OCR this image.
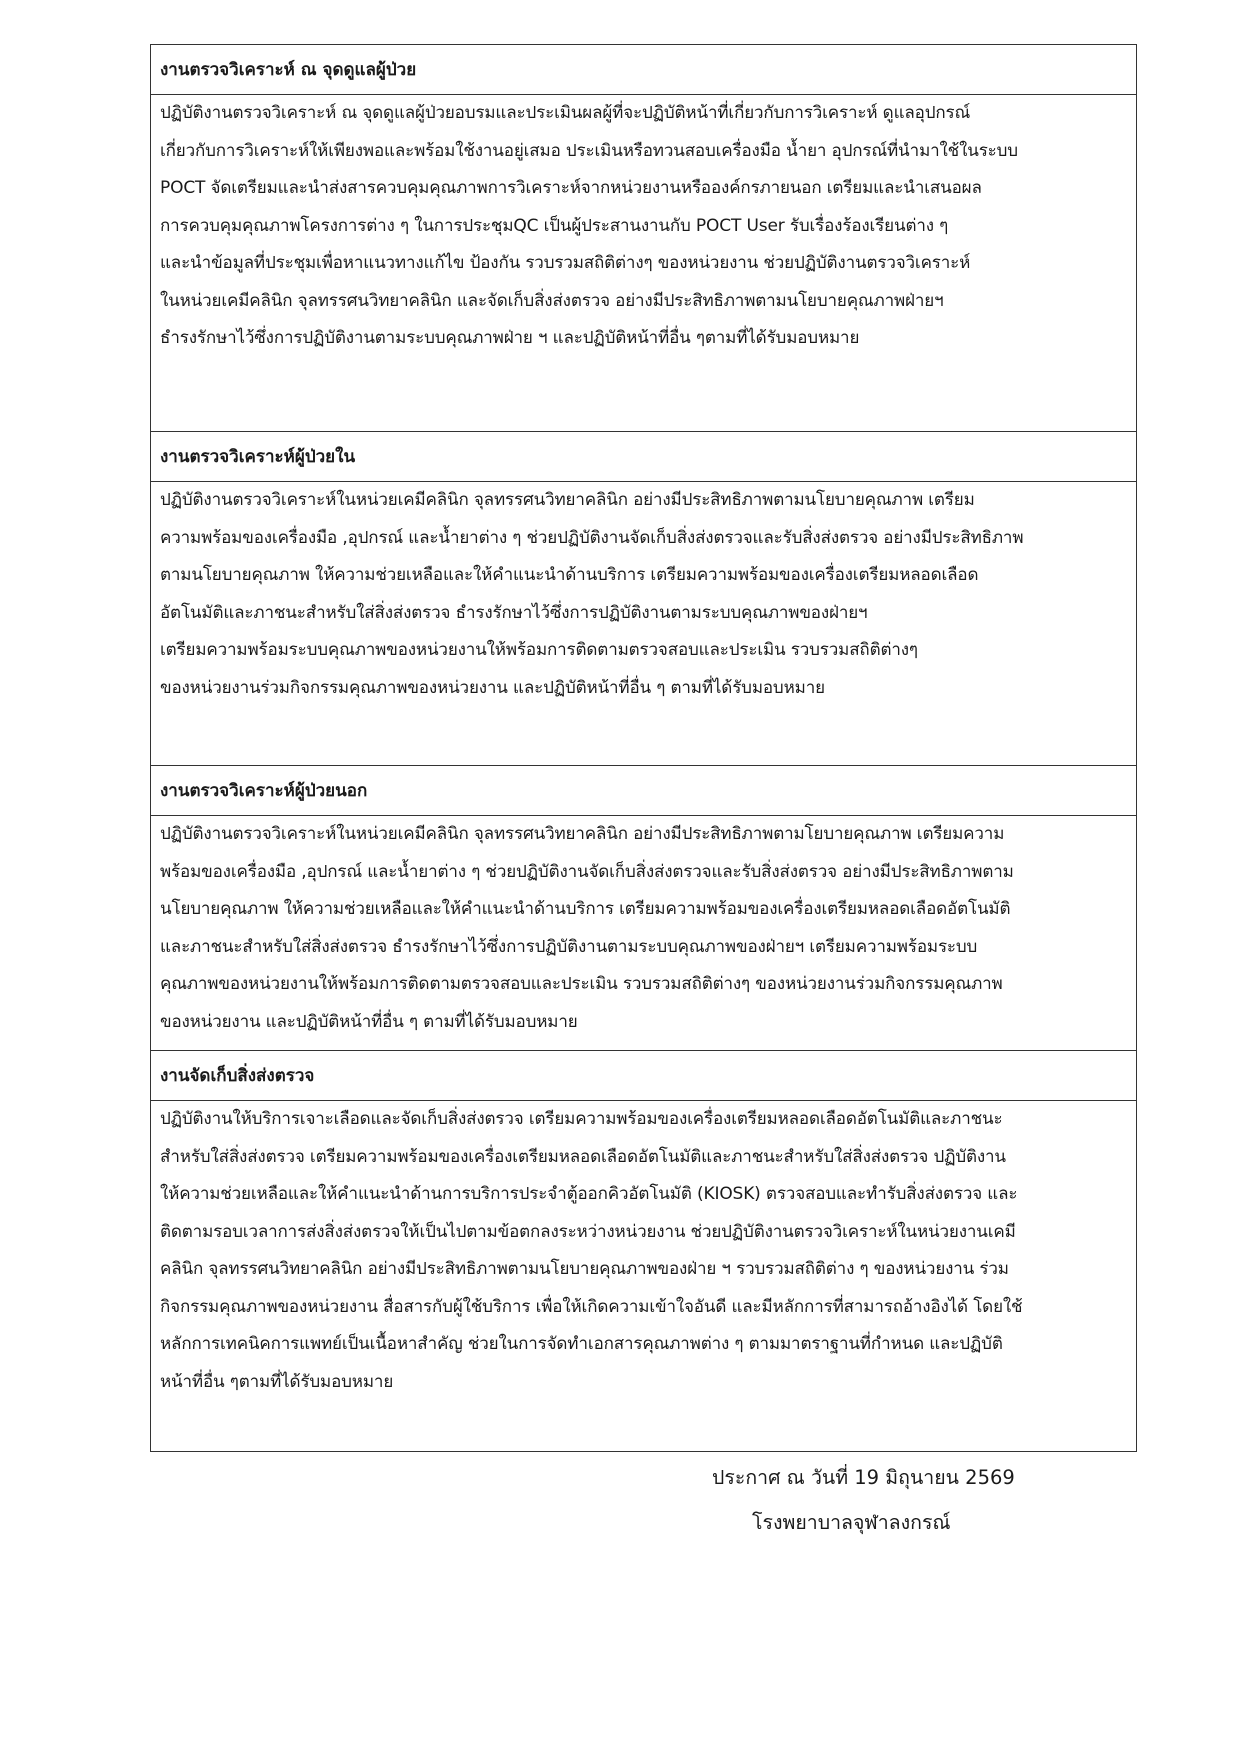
งานตรวจวิเคราะห์ ณ จุดดูแลผู้ป่วย

ปฏิบัติงานตรวจวิเคราะห์ ณ จุดดูแลผู้ป่วยอบรมและประเมินผลผู้ที่จะปฏิบัติหน้าที่เกี่ยวกับการวิเคราะห์ ดูแลอุปกรณ์

เกี่ยวกับการวิเคราะห์ให้เพียงพอและพร้อมใช้งานอยู่เสมอ ประเมินหรือทวนสอบเครื่องมือ น้ำยา อุปกรณ์ที่นำมาใช้ในระบบ

POCT จัดเตรียมและนำส่งสารควบคุมคุณภาพการวิเคราะห์จากหน่วยงานหรือองค์กรภายนอก เตรียมและนำเสนอผล

การควบคุมคุณภาพโครงการต่าง ๆ ในการประชุมQC เป็นผู้ประสานงานกับ POCT User รับเรื่องร้องเรียนต่าง ๆ

และนำข้อมูลที่ประชุมเพื่อหาแนวทางแก้ไข ป้องกัน รวบรวมสถิติต่างๆ ของหน่วยงาน ช่วยปฏิบัติงานตรวจวิเคราะห์

ในหน่วยเคมีคลินิก จุลทรรศนวิทยาคลินิก และจัดเก็บสิ่งส่งตรวจ อย่างมีประสิทธิภาพตามนโยบายคุณภาพฝ่ายฯ

ธำรงรักษาไว้ซึ่งการปฏิบัติงานตามระบบคุณภาพฝ่าย ฯ และปฏิบัติหน้าที่อื่น ๆตามที่ได้รับมอบหมาย

งานตรวจวิเคราะห์ผู้ป่วยใน

ปฏิบัติงานตรวจวิเคราะห์ในหน่วยเคมีคลินิก จุลทรรศนวิทยาคลินิก อย่างมีประสิทธิภาพตามนโยบายคุณภาพ เตรียม

ความพร้อมของเครื่องมือ ,อุปกรณ์ และน้ำยาต่าง ๆ ช่วยปฏิบัติงานจัดเก็บสิ่งส่งตรวจและรับสิ่งส่งตรวจ อย่างมีประสิทธิภาพ

ตามนโยบายคุณภาพ ให้ความช่วยเหลือและให้คำแนะนำด้านบริการ เตรียมความพร้อมของเครื่องเตรียมหลอดเลือด

อัตโนมัติและภาชนะสำหรับใส่สิ่งส่งตรวจ ธำรงรักษาไว้ซึ่งการปฏิบัติงานตามระบบคุณภาพของฝ่ายฯ

เตรียมความพร้อมระบบคุณภาพของหน่วยงานให้พร้อมการติดตามตรวจสอบและประเมิน รวบรวมสถิติต่างๆ

ของหน่วยงานร่วมกิจกรรมคุณภาพของหน่วยงาน และปฏิบัติหน้าที่อื่น ๆ ตามที่ได้รับมอบหมาย

งานตรวจวิเคราะห์ผู้ป่วยนอก

ปฏิบัติงานตรวจวิเคราะห์ในหน่วยเคมีคลินิก จุลทรรศนวิทยาคลินิก อย่างมีประสิทธิภาพตามโยบายคุณภาพ เตรียมความ

พร้อมของเครื่องมือ ,อุปกรณ์ และน้ำยาต่าง ๆ ช่วยปฏิบัติงานจัดเก็บสิ่งส่งตรวจและรับสิ่งส่งตรวจ อย่างมีประสิทธิภาพตาม

นโยบายคุณภาพ ให้ความช่วยเหลือและให้คำแนะนำด้านบริการ เตรียมความพร้อมของเครื่องเตรียมหลอดเลือดอัตโนมัติ

และภาชนะสำหรับใส่สิ่งส่งตรวจ ธำรงรักษาไว้ซึ่งการปฏิบัติงานตามระบบคุณภาพของฝ่ายฯ เตรียมความพร้อมระบบ

คุณภาพของหน่วยงานให้พร้อมการติดตามตรวจสอบและประเมิน รวบรวมสถิติต่างๆ ของหน่วยงานร่วมกิจกรรมคุณภาพ

ของหน่วยงาน และปฏิบัติหน้าที่อื่น ๆ ตามที่ได้รับมอบหมาย

งานจัดเก็บสิ่งส่งตรวจ

ปฏิบัติงานให้บริการเจาะเลือดและจัดเก็บสิ่งส่งตรวจ เตรียมความพร้อมของเครื่องเตรียมหลอดเลือดอัตโนมัติและภาชนะ

สำหรับใส่สิ่งส่งตรวจ เตรียมความพร้อมของเครื่องเตรียมหลอดเลือดอัตโนมัติและภาชนะสำหรับใส่สิ่งส่งตรวจ ปฏิบัติงาน

ให้ความช่วยเหลือและให้คำแนะนำด้านการบริการประจำตู้ออกคิวอัตโนมัติ (KIOSK) ตรวจสอบและทำรับสิ่งส่งตรวจ และ

ติดตามรอบเวลาการส่งสิ่งส่งตรวจให้เป็นไปตามข้อตกลงระหว่างหน่วยงาน ช่วยปฏิบัติงานตรวจวิเคราะห์ในหน่วยงานเคมี

คลินิก จุลทรรศนวิทยาคลินิก อย่างมีประสิทธิภาพตามนโยบายคุณภาพของฝ่าย ฯ รวบรวมสถิติต่าง ๆ ของหน่วยงาน ร่วม

กิจกรรมคุณภาพของหน่วยงาน สื่อสารกับผู้ใช้บริการ เพื่อให้เกิดความเข้าใจอันดี และมีหลักการที่สามารถอ้างอิงได้ โดยใช้

หลักการเทคนิคการแพทย์เป็นเนื้อหาสำคัญ ช่วยในการจัดทำเอกสารคุณภาพต่าง ๆ ตามมาตราฐานที่กำหนด และปฏิบัติ

หน้าที่อื่น ๆตามที่ได้รับมอบหมาย

ประกาศ ณ วันที่ 19 มิถุนายน 2569
โรงพยาบาลจุฬาลงกรณ์
